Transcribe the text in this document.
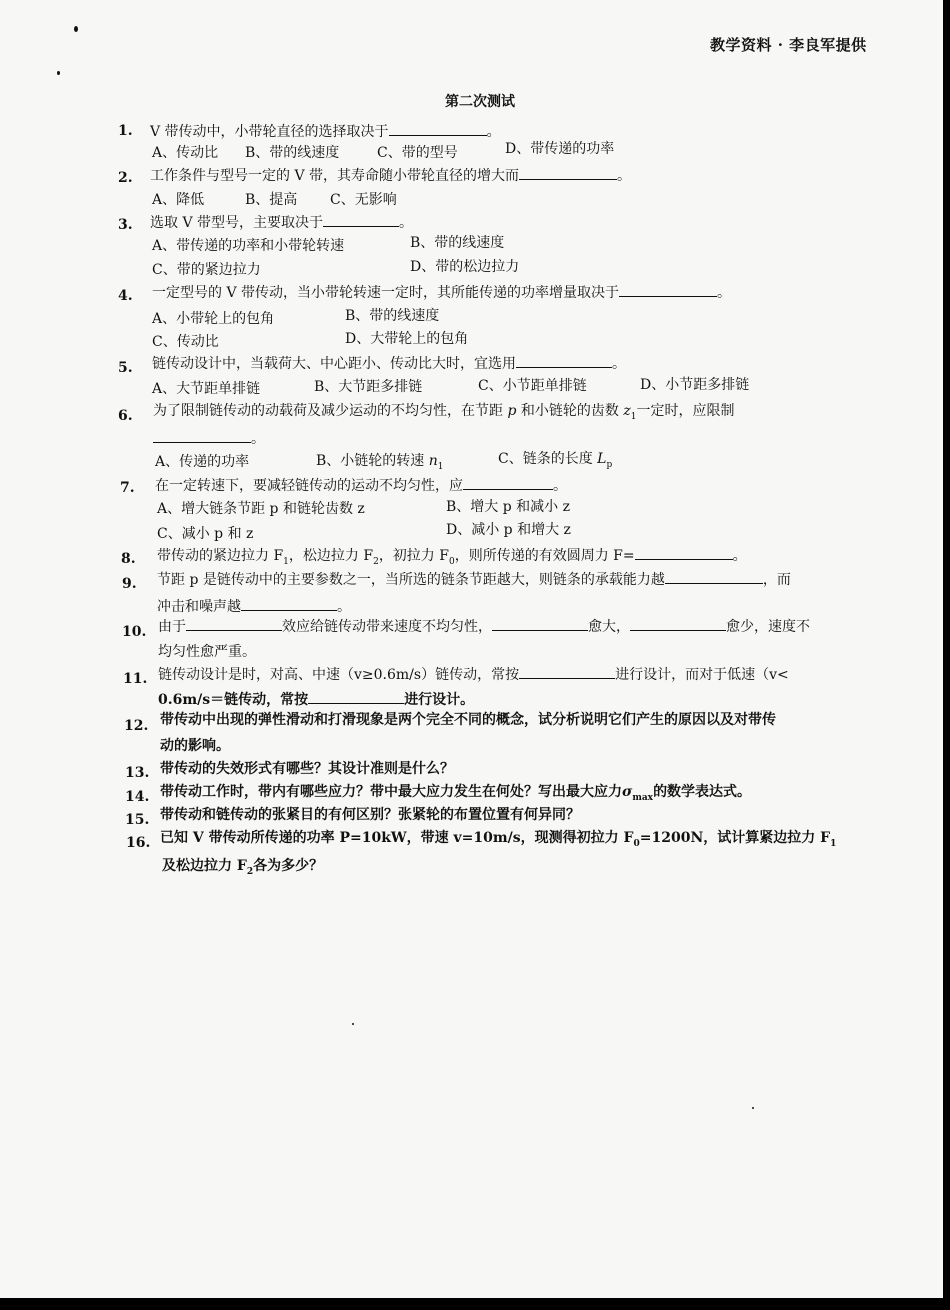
教学资料 · 李良军提供
第二次测试
1. V 带传动中，小带轮直径的选择取决于	。
A、传动比 B、带的线速度	C、带的型号	D、带传递的功率
2. 工作条件与型号一定的 V 带，其寿命随小带轮直径的增大而	。
A、降低	B、提高 C、无影响
3. 选取 V 带型号，主要取决于	。
A、带传递的功率和小带轮转速	B、带的线速度
C、带的紧边拉力	D、带的松边拉力
4. 一定型号的 V 带传动，当小带轮转速一定时，其所能传递的功率增量取决于	。
A、小带轮上的包角	B、带的线速度
C、传动比	D、大带轮上的包角
5. 链传动设计中，当载荷大、中心距小、传动比大时，宜选用	。
A、大节距单排链	B、大节距多排链	C、小节距单排链	D、小节距多排链
6. 为了限制链传动的动载荷及减少运动的不均匀性，在节距 p 和小链轮的齿数 $z_1$一定时，应限制
。
A、传递的功率	B、小链轮的转速 $n_1$	C、链条的长度 $L_p$
7. 在一定转速下，要减轻链传动的运动不均匀性，应	。
A、增大链条节距 p 和链轮齿数 z	B、增大 p 和减小 z
C、减小 p 和 z	D、减小 p 和增大 z
8. 带传动的紧边拉力 $F_1$，松边拉力 $F_2$，初拉力 $F_0$，则所传递的有效圆周力 F=	。
9. 节距 p 是链传动中的主要参数之一，当所选的链条节距越大，则链条的承载能力越	，而
冲击和噪声越	。
10. 由于	效应给链传动带来速度不均匀性，	愈大，	愈少，速度不
均匀性愈严重。
11. 链传动设计是时，对高、中速（v≥0.6m/s）链传动，常按	进行设计，而对于低速（v<
0.6m/s＝链传动，常按	进行设计。
12. 带传动中出现的弹性滑动和打滑现象是两个完全不同的概念，试分析说明它们产生的原因以及对带传
动的影响。
13. 带传动的失效形式有哪些？其设计准则是什么？
14. 带传动工作时，带内有哪些应力？带中最大应力发生在何处？写出最大应力$\sigma_{max}$的数学表达式。
15. 带传动和链传动的张紧目的有何区别？张紧轮的布置位置有何异同？
16. 已知 V 带传动所传递的功率 P=10kW，带速 v=10m/s，现测得初拉力 $F_0=1200N$，试计算紧边拉力 $F_1$
及松边拉力 $F_2$各为多少？
